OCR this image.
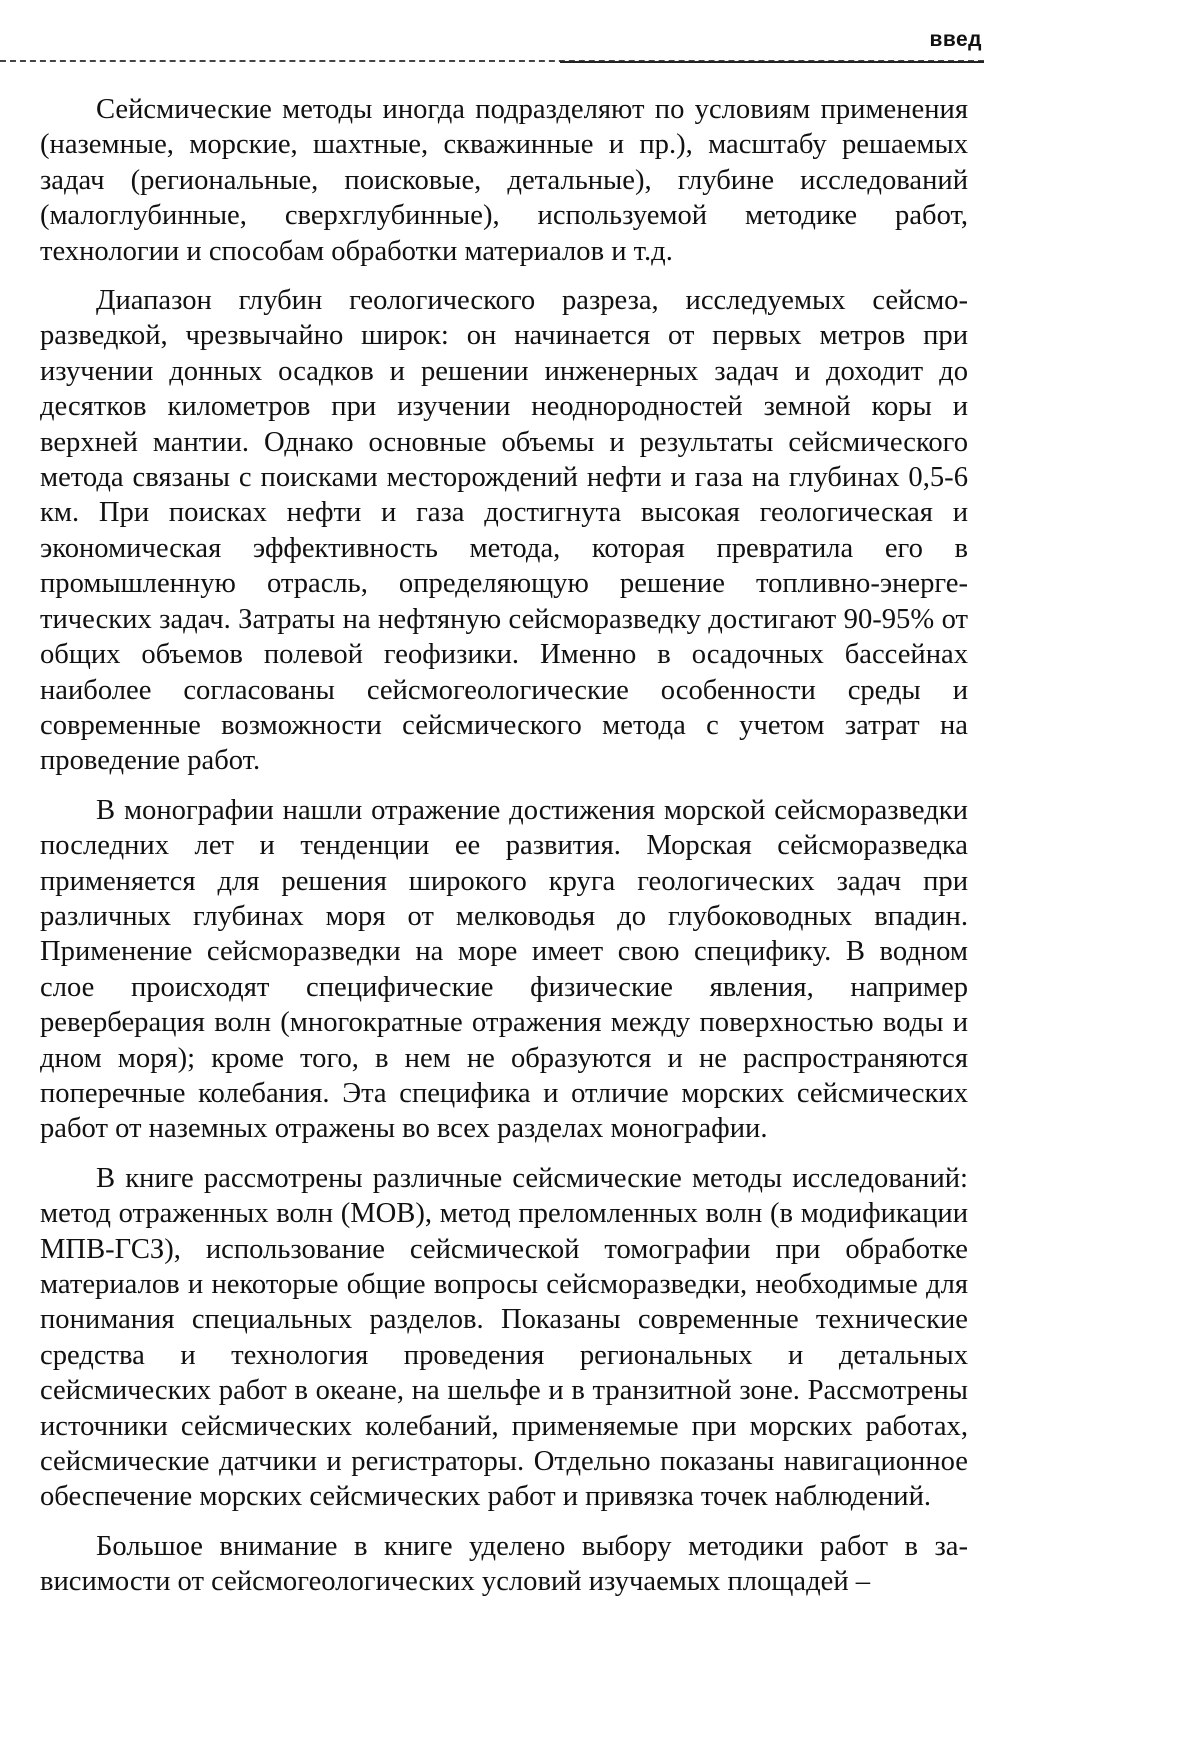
введ

Сейсмические методы иногда подразделяют по условиям применения (наземные, морские, шахтные, скважинные и пр.), масштабу решаемых задач (региональные, поисковые, детальные), глубине исследований (малоглубинные, сверхглубинные), используемой методике работ, технологии и способам обработки материалов и т.д.

Диапазон глубин геологического разреза, исследуемых сейсморазведкой, чрезвычайно широк: он начинается от первых метров при изучении донных осадков и решении инженерных задач и доходит до десятков километров при изучении неоднородностей земной коры и верхней мантии. Однако основные объемы и результаты сейсмического метода связаны с поисками месторождений нефти и газа на глубинах 0,5-6 км. При поисках нефти и газа достигнута высокая геологическая и экономическая эффективность метода, которая превратила его в промышленную отрасль, определяющую решение топливно-энергетических задач. Затраты на нефтяную сейсморазведку достигают 90-95% от общих объемов полевой геофизики. Именно в осадочных бассейнах наиболее согласованы сейсмогеологические особенности среды и современные возможности сейсмического метода с учетом затрат на проведение работ.

В монографии нашли отражение достижения морской сейсморазведки последних лет и тенденции ее развития. Морская сейсморазведка применяется для решения широкого круга геологических задач при различных глубинах моря от мелководья до глубоководных впадин. Применение сейсморазведки на море имеет свою специфику. В водном слое происходят специфические физические явления, например реверберация волн (многократные отражения между поверхностью воды и дном моря); кроме того, в нем не образуются и не распространяются поперечные колебания. Эта специфика и отличие морских сейсмических работ от наземных отражены во всех разделах монографии.

В книге рассмотрены различные сейсмические методы исследований: метод отраженных волн (МОВ), метод преломленных волн (в модификации МПВ-ГСЗ), использование сейсмической томографии при обработке материалов и некоторые общие вопросы сейсморазведки, необходимые для понимания специальных разделов. Показаны современные технические средства и технология проведения региональных и детальных сейсмических работ в океане, на шельфе и в транзитной зоне. Рассмотрены источники сейсмических колебаний, применяемые при морских работах, сейсмические датчики и регистраторы. Отдельно показаны навигационное обеспечение морских сейсмических работ и привязка точек наблюдений.

Большое внимание в книге уделено выбору методики работ в зависимости от сейсмогеологических условий изучаемых площадей –
